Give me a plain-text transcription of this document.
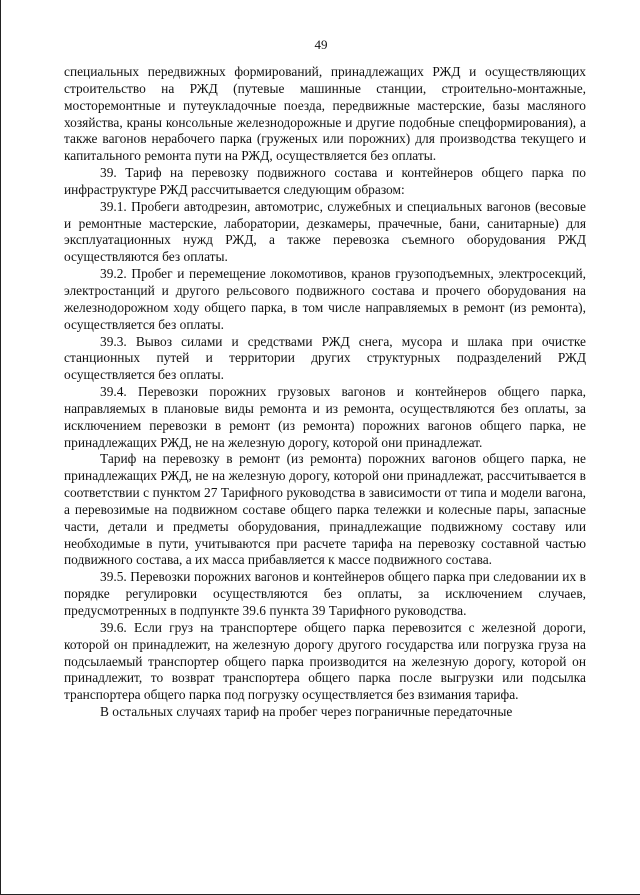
49

специальных передвижных формирований, принадлежащих РЖД и осуществляющих строительство на РЖД (путевые машинные станции, строительно-монтажные, мосторемонтные и путеукладочные поезда, передвижные мастерские, базы масляного хозяйства, краны консольные железнодорожные и другие подобные спецформирования), а также вагонов нерабочего парка (груженых или порожних) для производства текущего и капитального ремонта пути на РЖД, осуществляется без оплаты.

39. Тариф на перевозку подвижного состава и контейнеров общего парка по инфраструктуре РЖД рассчитывается следующим образом:

39.1. Пробеги автодрезин, автомотрис, служебных и специальных вагонов (весовые и ремонтные мастерские, лаборатории, дезкамеры, прачечные, бани, санитарные) для эксплуатационных нужд РЖД, а также перевозка съемного оборудования РЖД осуществляются без оплаты.

39.2. Пробег и перемещение локомотивов, кранов грузоподъемных, электросекций, электростанций и другого рельсового подвижного состава и прочего оборудования на железнодорожном ходу общего парка, в том числе направляемых в ремонт (из ремонта), осуществляется без оплаты.

39.3. Вывоз силами и средствами РЖД снега, мусора и шлака при очистке станционных путей и территории других структурных подразделений РЖД осуществляется без оплаты.

39.4. Перевозки порожних грузовых вагонов и контейнеров общего парка, направляемых в плановые виды ремонта и из ремонта, осуществляются без оплаты, за исключением перевозки в ремонт (из ремонта) порожних вагонов общего парка, не принадлежащих РЖД, не на железную дорогу, которой они принадлежат.

Тариф на перевозку в ремонт (из ремонта) порожних вагонов общего парка, не принадлежащих РЖД, не на железную дорогу, которой они принадлежат, рассчитывается в соответствии с пунктом 27 Тарифного руководства в зависимости от типа и модели вагона, а перевозимые на подвижном составе общего парка тележки и колесные пары, запасные части, детали и предметы оборудования, принадлежащие подвижному составу или необходимые в пути, учитываются при расчете тарифа на перевозку составной частью подвижного состава, а их масса прибавляется к массе подвижного состава.

39.5. Перевозки порожних вагонов и контейнеров общего парка при следовании их в порядке регулировки осуществляются без оплаты, за исключением случаев, предусмотренных в подпункте 39.6 пункта 39 Тарифного руководства.

39.6. Если груз на транспортере общего парка перевозится с железной дороги, которой он принадлежит, на железную дорогу другого государства или погрузка груза на подсылаемый транспортер общего парка производится на железную дорогу, которой он принадлежит, то возврат транспортера общего парка после выгрузки или подсылка транспортера общего парка под погрузку осуществляется без взимания тарифа.

В остальных случаях тариф на пробег через пограничные передаточные
